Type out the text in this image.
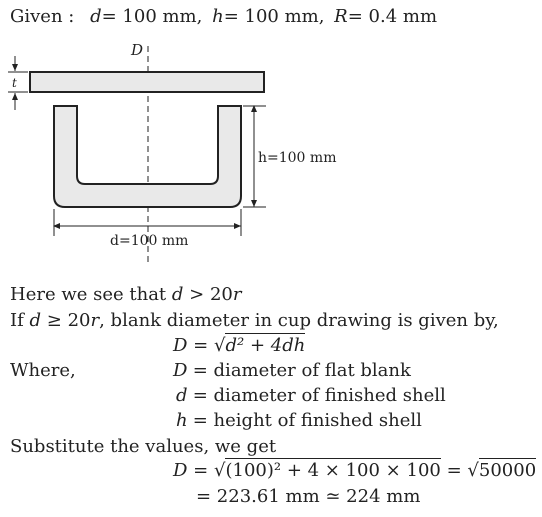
Given : d= 100 mm, h= 100 mm, R= 0.4 mm
D
t
h=100 mm
d=100 mm
Here we see that d > 20r
If d ≥ 20r, blank diameter in cup drawing is given by,
D = √d² + 4dh
Where,	D = diameter of flat blank
d = diameter of finished shell
h = height of finished shell
Substitute the values, we get
D = √(100)² + 4 × 100 × 100 = √50000
= 223.61 mm ≃ 224 mm
